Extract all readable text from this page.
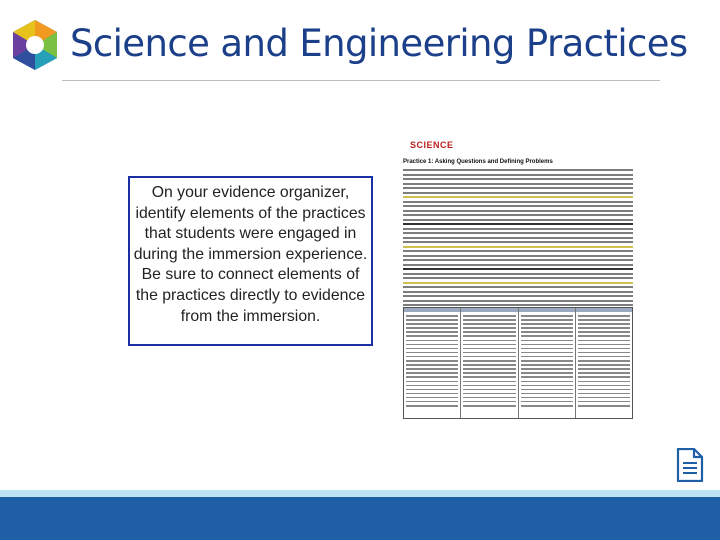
Science and Engineering Practices
On your evidence organizer, identify elements of the practices that students were engaged in during the immersion experience. Be sure to connect elements of the practices directly to evidence from the immersion.
SCIENCE
Practice 1: Asking Questions and Defining Problems
